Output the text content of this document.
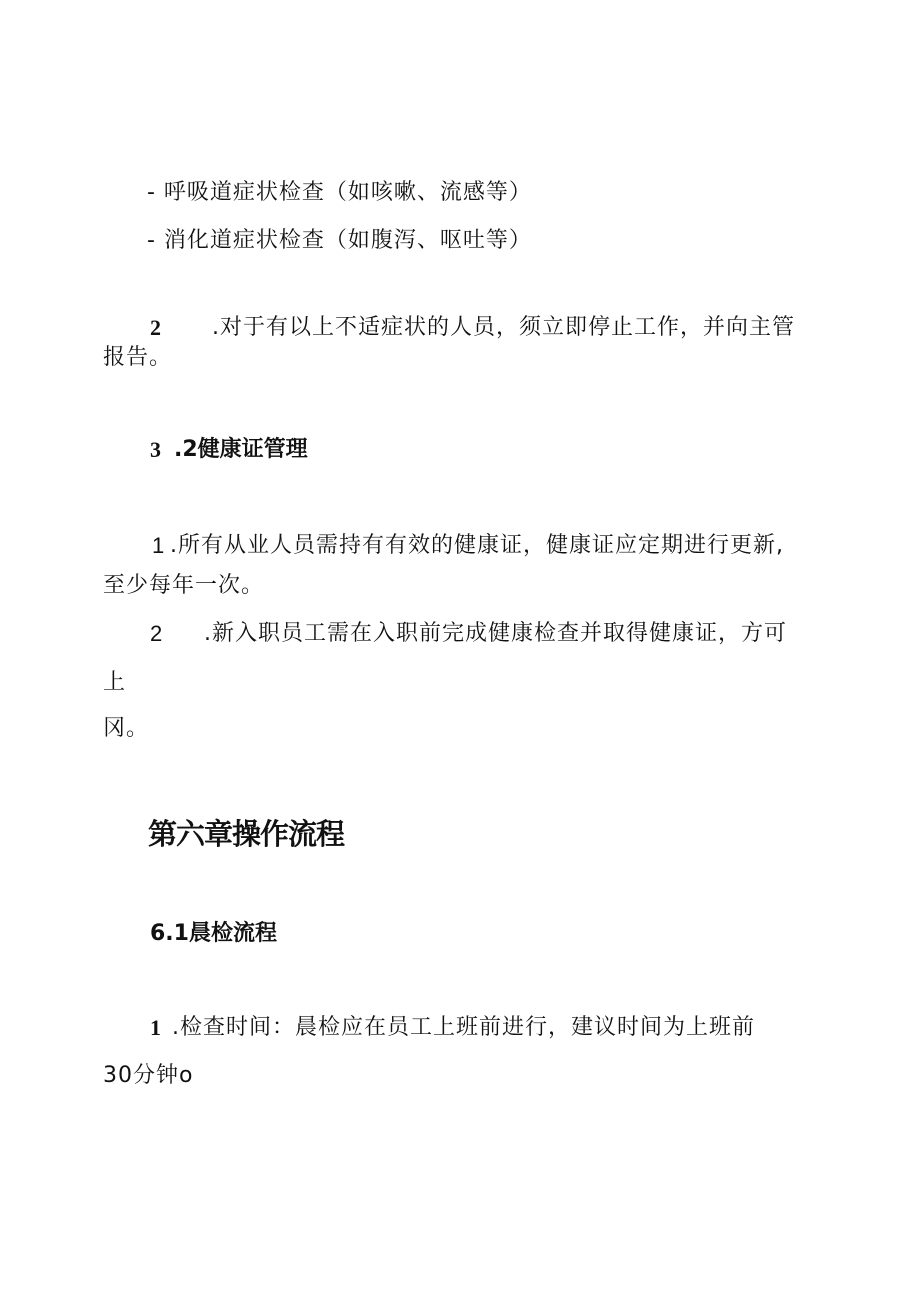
- 呼吸道症状检查（如咳嗽、流感等）
- 消化道症状检查（如腹泻、呕吐等）
2 .对于有以上不适症状的人员，须立即停止工作，并向主管
报告。
3 .2健康证管理
1 .所有从业人员需持有有效的健康证，健康证应定期进行更新,
至少每年一次。
2 .新入职员工需在入职前完成健康检查并取得健康证，方可
上
冈。
第六章操作流程
6.1晨检流程
1 .检查时间：晨检应在员工上班前进行，建议时间为上班前
30分钟o
